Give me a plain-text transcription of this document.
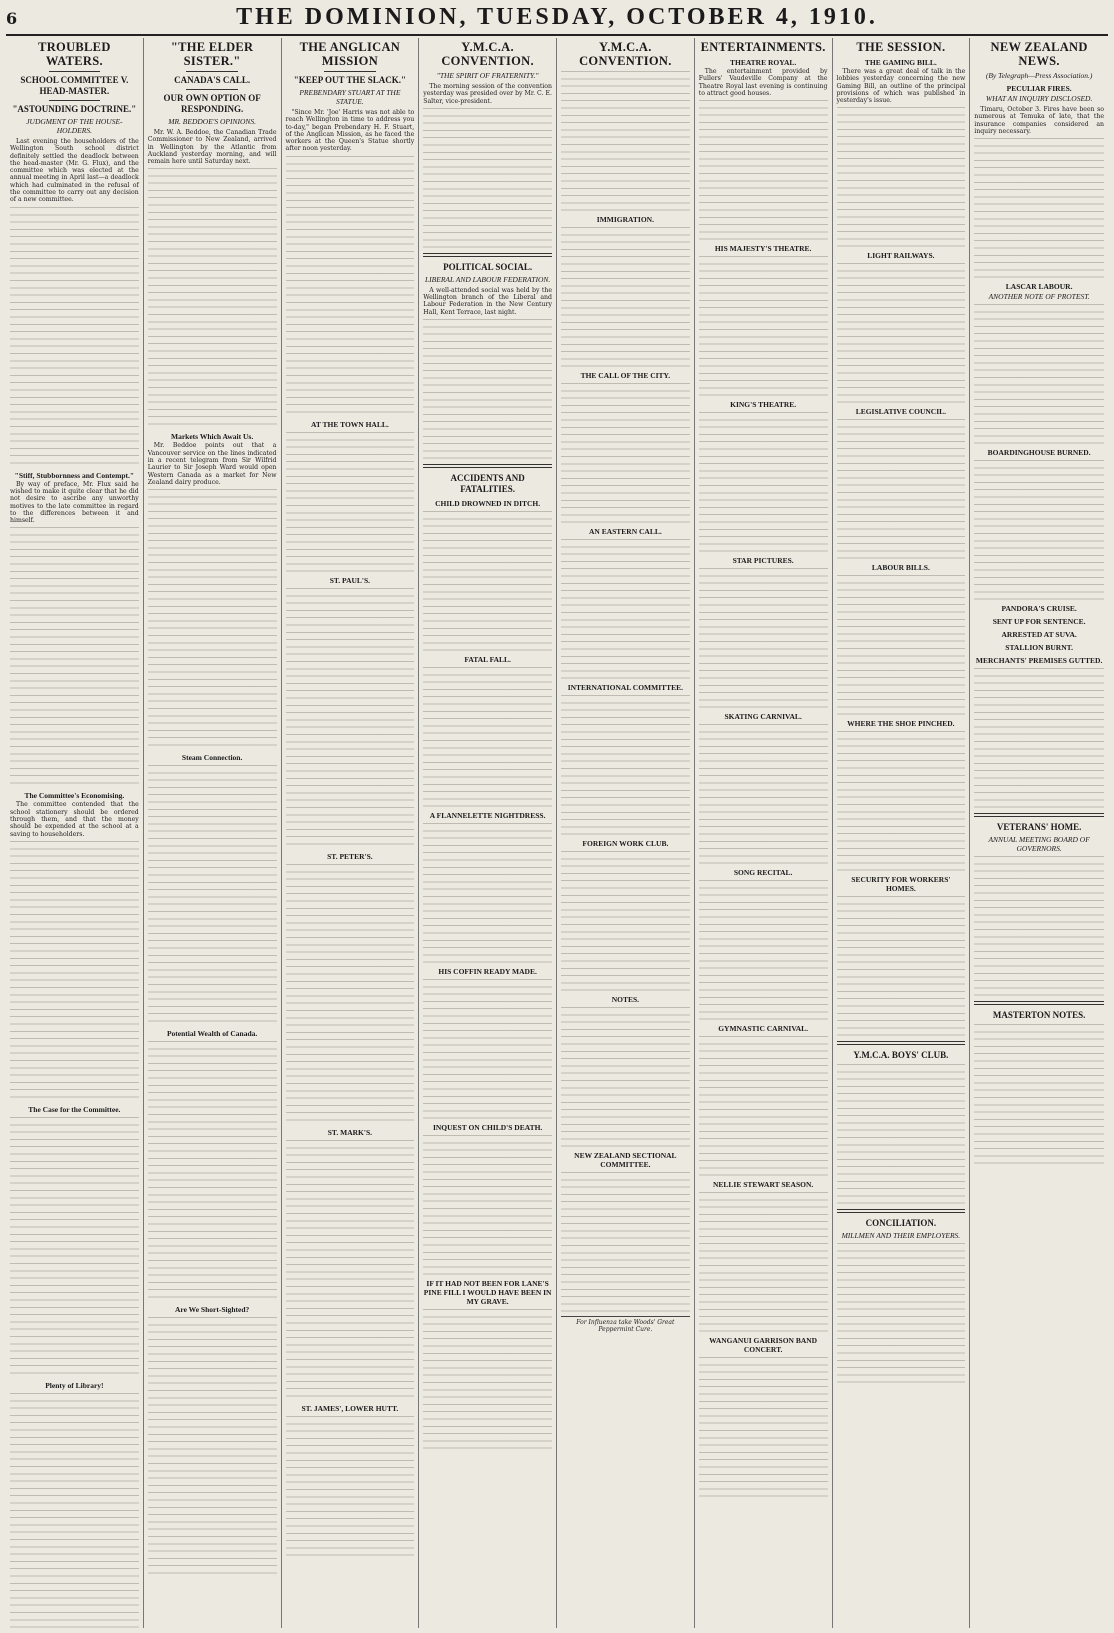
6	THE DOMINION, TUESDAY, OCTOBER 4, 1910.
TROUBLED WATERS.
SCHOOL COMMITTEE V. HEAD-MASTER.
"ASTOUNDING DOCTRINE."
JUDGMENT OF THE HOUSE-HOLDERS.

Last evening the householders of the Wellington South school district definitely settled the deadlock between the head-master (Mr. G. Flux), and the committee which was elected at the annual meeting in April last—a deadlock which had culminated in the refusal of the committee to carry out any decision of a new committee.

"Stiff, Stubbornness and Contempt."

By way of preface, Mr. Flux said he wished to make it quite clear that he did not desire to ascribe any unworthy motives to the late committee in regard to the differences between it and himself.

The Committee's Economising.

The committee contended that the school stationery should be ordered through them, and that the money should be expended at the school at a saving to householders.

The Case for the Committee.
Plenty of Library!
"THE ELDER SISTER."
CANADA'S CALL.
OUR OWN OPTION OF RESPONDING.
MR. BEDDOE'S OPINIONS.

Mr. W. A. Beddoe, the Canadian Trade Commissioner to New Zealand, arrived in Wellington by the Atlantic from Auckland yesterday morning, and will remain here until Saturday next.

Markets Which Await Us.

Mr. Beddoe points out that a Vancouver service on the lines indicated in a recent telegram from Sir Wilfrid Laurier to Sir Joseph Ward would open Western Canada as a market for New Zealand dairy produce.

Steam Connection.
Potential Wealth of Canada.
Are We Short-Sighted?
THE ANGLICAN MISSION
"KEEP OUT THE SLACK."
PREBENDARY STUART AT THE STATUE.

"Since Mr. 'Joe' Harris was not able to reach Wellington in time to address you to-day," began Prebendary H. F. Stuart, of the Anglican Mission, as he faced the workers at the Queen's Statue shortly after noon yesterday.

AT THE TOWN HALL.
ST. PAUL'S.
ST. PETER'S.
ST. MARK'S.
ST. JAMES', LOWER HUTT.
Y.M.C.A. CONVENTION.
"THE SPIRIT OF FRATERNITY."

The morning session of the convention yesterday was presided over by Mr. C. E. Salter, vice-president.

POLITICAL SOCIAL.
LIBERAL AND LABOUR FEDERATION.

A well-attended social was held by the Wellington branch of the Liberal and Labour Federation in the New Century Hall, Kent Terrace, last night.

ACCIDENTS AND FATALITIES.
CHILD DROWNED IN DITCH.
FATAL FALL.
A FLANNELETTE NIGHTDRESS.
HIS COFFIN READY MADE.
INQUEST ON CHILD'S DEATH.
IF IT HAD NOT BEEN FOR LANE'S PINE FILL I WOULD HAVE BEEN IN MY GRAVE.
Y.M.C.A. CONVENTION.
IMMIGRATION.
THE CALL OF THE CITY.
AN EASTERN CALL.
INTERNATIONAL COMMITTEE.
FOREIGN WORK CLUB.
NOTES.
NEW ZEALAND SECTIONAL COMMITTEE.
For Influenza take Woods' Great Peppermint Cure.
ENTERTAINMENTS.
THEATRE ROYAL.

The entertainment provided by Fullers' Vaudeville Company at the Theatre Royal last evening is continuing to attract good houses.

HIS MAJESTY'S THEATRE.
KING'S THEATRE.
STAR PICTURES.
SKATING CARNIVAL.
SONG RECITAL.
GYMNASTIC CARNIVAL.
NELLIE STEWART SEASON.
WANGANUI GARRISON BAND CONCERT.
THE SESSION.
THE GAMING BILL.

There was a great deal of talk in the lobbies yesterday concerning the new Gaming Bill, an outline of the principal provisions of which was published in yesterday's issue.

LIGHT RAILWAYS.
LEGISLATIVE COUNCIL.
LABOUR BILLS.
WHERE THE SHOE PINCHED.
SECURITY FOR WORKERS' HOMES.
Y.M.C.A. BOYS' CLUB.
CONCILIATION.
MILLMEN AND THEIR EMPLOYERS.
NEW ZEALAND NEWS.
(By Telegraph—Press Association.)
PECULIAR FIRES.
WHAT AN INQUIRY DISCLOSED.

Timaru, October 3. Fires have been so numerous at Temuka of late, that the insurance companies considered an inquiry necessary.

LASCAR LABOUR.
ANOTHER NOTE OF PROTEST.
BOARDINGHOUSE BURNED.
PANDORA'S CRUISE.
SENT UP FOR SENTENCE.
ARRESTED AT SUVA.
STALLION BURNT.
MERCHANTS' PREMISES GUTTED.
VETERANS' HOME.
ANNUAL MEETING BOARD OF GOVERNORS.
MASTERTON NOTES.
